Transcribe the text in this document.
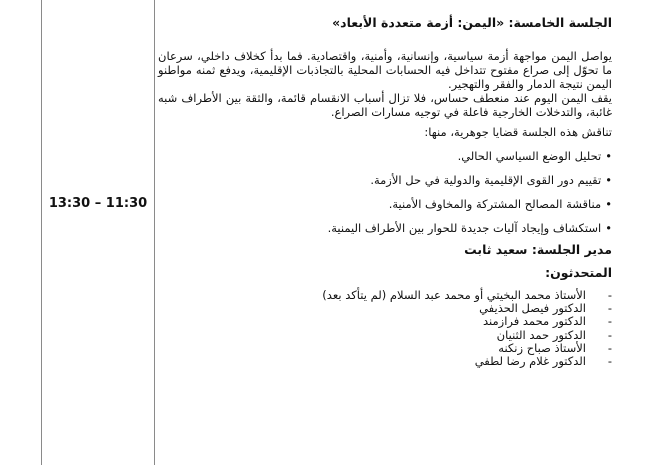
13:30 – 11:30

الجلسة الخامسة: «اليمن: أزمة متعددة الأبعاد»

يواصل اليمن مواجهة أزمة سياسية، وإنسانية، وأمنية، واقتصادية. فما بدأ كخلاف داخلي، سرعان ما تحوّل إلى صراع مفتوح تتداخل فيه الحسابات المحلية بالتجاذبات الإقليمية، ويدفع ثمنه مواطنو اليمن نتيجة الدمار والفقر والتهجير.

يقف اليمن اليوم عند منعطف حساس، فلا تزال أسباب الانقسام قائمة، والثقة بين الأطراف شبه غائبة، والتدخلات الخارجية فاعلة في توجيه مسارات الصراع.

تناقش هذه الجلسة قضايا جوهرية، منها:
•تحليل الوضع السياسي الحالي.
•تقييم دور القوى الإقليمية والدولية في حل الأزمة.
•مناقشة المصالح المشتركة والمخاوف الأمنية.
•استكشاف وإيجاد آليات جديدة للحوار بين الأطراف اليمنية.
مدير الجلسة: سعيد ثابت
المتحدثون:
-الأستاذ محمد البخيتي أو محمد عبد السلام (لم يتأكد بعد)
-الدكتور فيصل الحذيفي
-الدكتور محمد فرازمند
-الدكتور حمد الثنيان
-الأستاذ صباح زنكنه
-الدكتور غلام رضا لطفي
